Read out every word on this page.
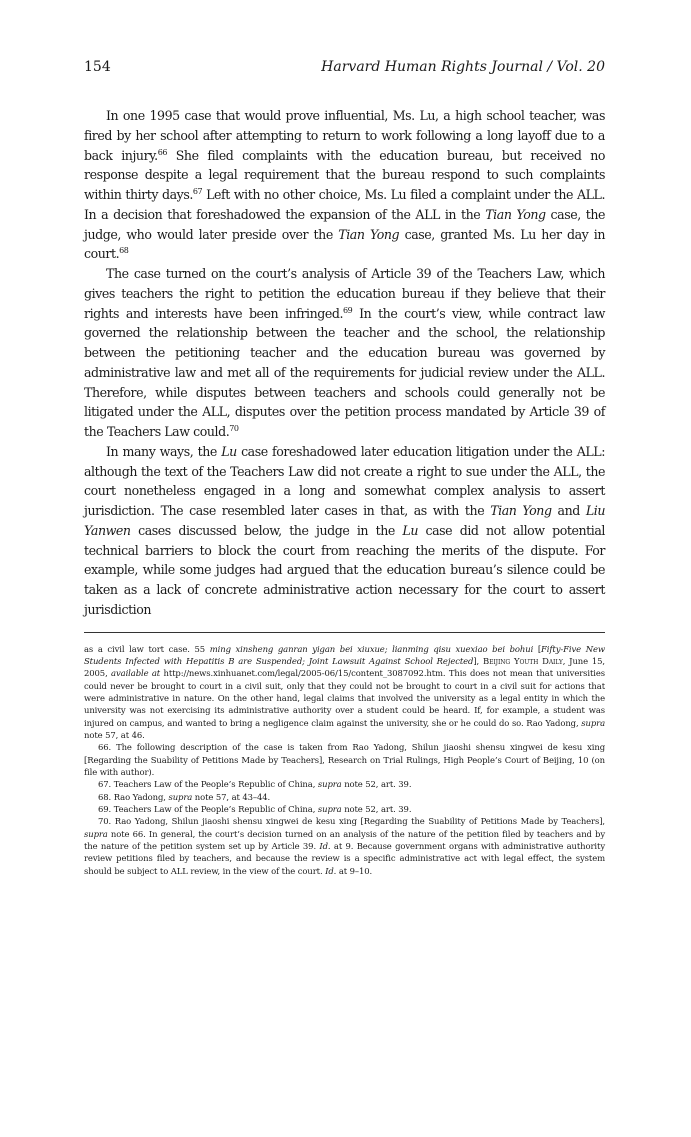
154	Harvard Human Rights Journal / Vol. 20

In one 1995 case that would prove influential, Ms. Lu, a high school teacher, was fired by her school after attempting to return to work following a long layoff due to a back injury.$^{66}$ She filed complaints with the education bureau, but received no response despite a legal requirement that the bureau respond to such complaints within thirty days.$^{67}$ Left with no other choice, Ms. Lu filed a complaint under the ALL. In a decision that foreshadowed the expansion of the ALL in the Tian Yong case, the judge, who would later preside over the Tian Yong case, granted Ms. Lu her day in court.$^{68}$

The case turned on the court’s analysis of Article 39 of the Teachers Law, which gives teachers the right to petition the education bureau if they believe that their rights and interests have been infringed.$^{69}$ In the court’s view, while contract law governed the relationship between the teacher and the school, the relationship between the petitioning teacher and the education bureau was governed by administrative law and met all of the requirements for judicial review under the ALL. Therefore, while disputes between teachers and schools could generally not be litigated under the ALL, disputes over the petition process mandated by Article 39 of the Teachers Law could.$^{70}$

In many ways, the Lu case foreshadowed later education litigation under the ALL: although the text of the Teachers Law did not create a right to sue under the ALL, the court nonetheless engaged in a long and somewhat complex analysis to assert jurisdiction. The case resembled later cases in that, as with the Tian Yong and Liu Yanwen cases discussed below, the judge in the Lu case did not allow potential technical barriers to block the court from reaching the merits of the dispute. For example, while some judges had argued that the education bureau’s silence could be taken as a lack of concrete administrative action necessary for the court to assert jurisdiction

as a civil law tort case. 55 ming xinsheng ganran yigan bei xiuxue; lianming qisu xuexiao bei bohui [Fifty-Five New Students Infected with Hepatitis B are Suspended; Joint Lawsuit Against School Rejected], Beijing Youth Daily, June 15, 2005, available at http://news.xinhuanet.com/legal/2005-06/15/content_3087092.htm. This does not mean that universities could never be brought to court in a civil suit, only that they could not be brought to court in a civil suit for actions that were administrative in nature. On the other hand, legal claims that involved the university as a legal entity in which the university was not exercising its administrative authority over a student could be heard. If, for example, a student was injured on campus, and wanted to bring a negligence claim against the university, she or he could do so. Rao Yadong, supra note 57, at 46.

66. The following description of the case is taken from Rao Yadong, Shilun jiaoshi shensu xingwei de kesu xing [Regarding the Suability of Petitions Made by Teachers], Research on Trial Rulings, High People’s Court of Beijing, 10 (on file with author).

67. Teachers Law of the People’s Republic of China, supra note 52, art. 39.

68. Rao Yadong, supra note 57, at 43–44.

69. Teachers Law of the People’s Republic of China, supra note 52, art. 39.

70. Rao Yadong, Shilun jiaoshi shensu xingwei de kesu xing [Regarding the Suability of Petitions Made by Teachers], supra note 66. In general, the court’s decision turned on an analysis of the nature of the petition filed by teachers and by the nature of the petition system set up by Article 39. Id. at 9. Because government organs with administrative authority review petitions filed by teachers, and because the review is a specific administrative act with legal effect, the system should be subject to ALL review, in the view of the court. Id. at 9–10.
